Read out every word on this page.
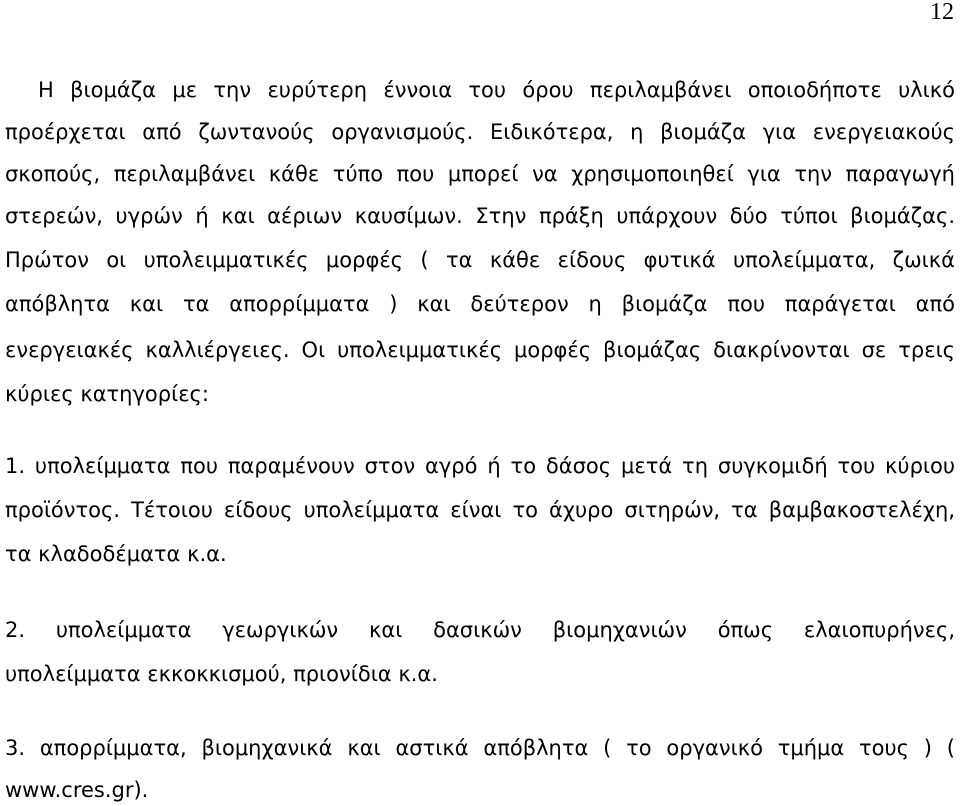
12
Η βιομάζα με την ευρύτερη έννοια του όρου περιλαμβάνει οποιοδήποτε υλικό
προέρχεται από ζωντανούς οργανισμούς. Ειδικότερα, η βιομάζα για ενεργειακούς
σκοπούς, περιλαμβάνει κάθε τύπο που μπορεί να χρησιμοποιηθεί για την παραγωγή
στερεών, υγρών ή και αέριων καυσίμων. Στην πράξη υπάρχουν δύο τύποι βιομάζας.
Πρώτον οι υπολειμματικές μορφές ( τα κάθε είδους φυτικά υπολείμματα, ζωικά
απόβλητα και τα απορρίμματα ) και δεύτερον η βιομάζα που παράγεται από
ενεργειακές καλλιέργειες. Οι υπολειμματικές μορφές βιομάζας διακρίνονται σε τρεις
κύριες κατηγορίες:
1. υπολείμματα που παραμένουν στον αγρό ή το δάσος μετά τη συγκομιδή του κύριου
προϊόντος. Τέτοιου είδους υπολείμματα είναι το άχυρο σιτηρών, τα βαμβακοστελέχη,
τα κλαδοδέματα κ.α.
2. υπολείμματα γεωργικών και δασικών βιομηχανιών όπως ελαιοπυρήνες,
υπολείμματα εκκοκκισμού, πριονίδια κ.α.
3. απορρίμματα, βιομηχανικά και αστικά απόβλητα ( το οργανικό τμήμα τους ) (
www.cres.gr).
